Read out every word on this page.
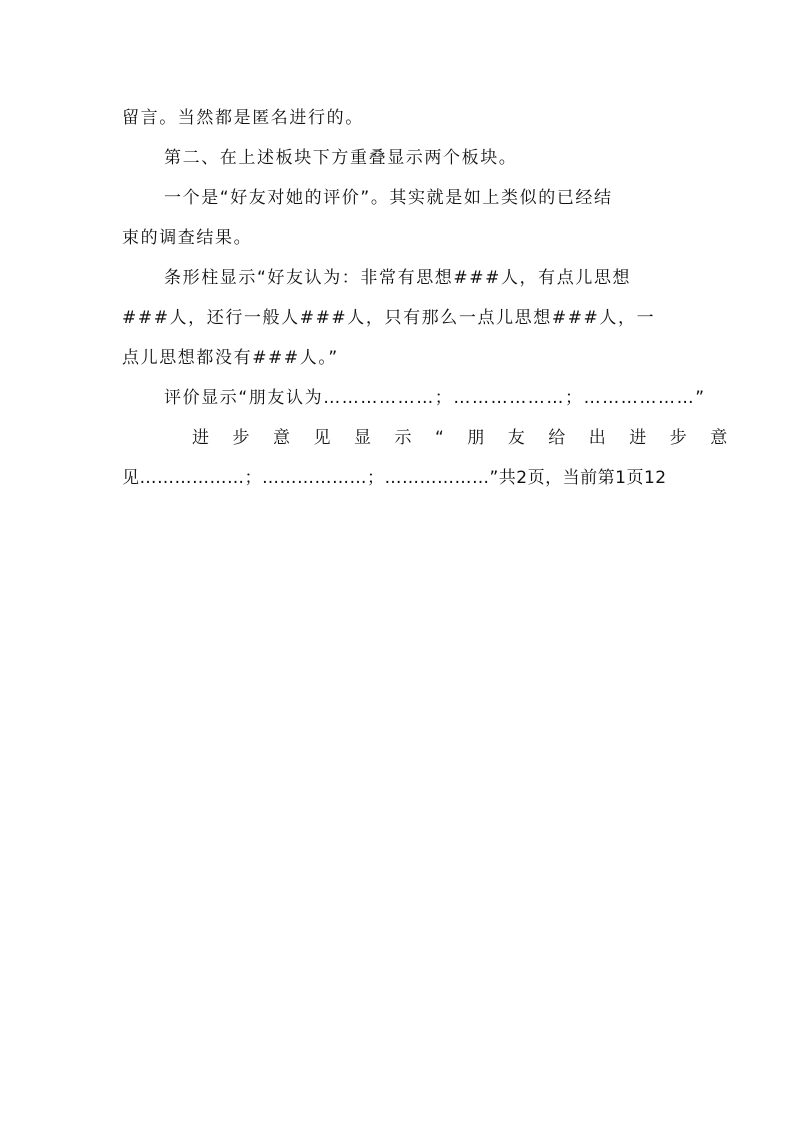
留言。当然都是匿名进行的。

第二、在上述板块下方重叠显示两个板块。

一个是“好友对她的评价”。其实就是如上类似的已经结
束的调查结果。

条形柱显示“好友认为：非常有思想###人，有点儿思想
###人，还行一般人###人，只有那么一点儿思想###人，一
点儿思想都没有###人。”

评价显示“朋友认为………………；………………；………………”

进步意见显示“朋友给出进步意
见………………；………………；………………”共2页，当前第1页12
